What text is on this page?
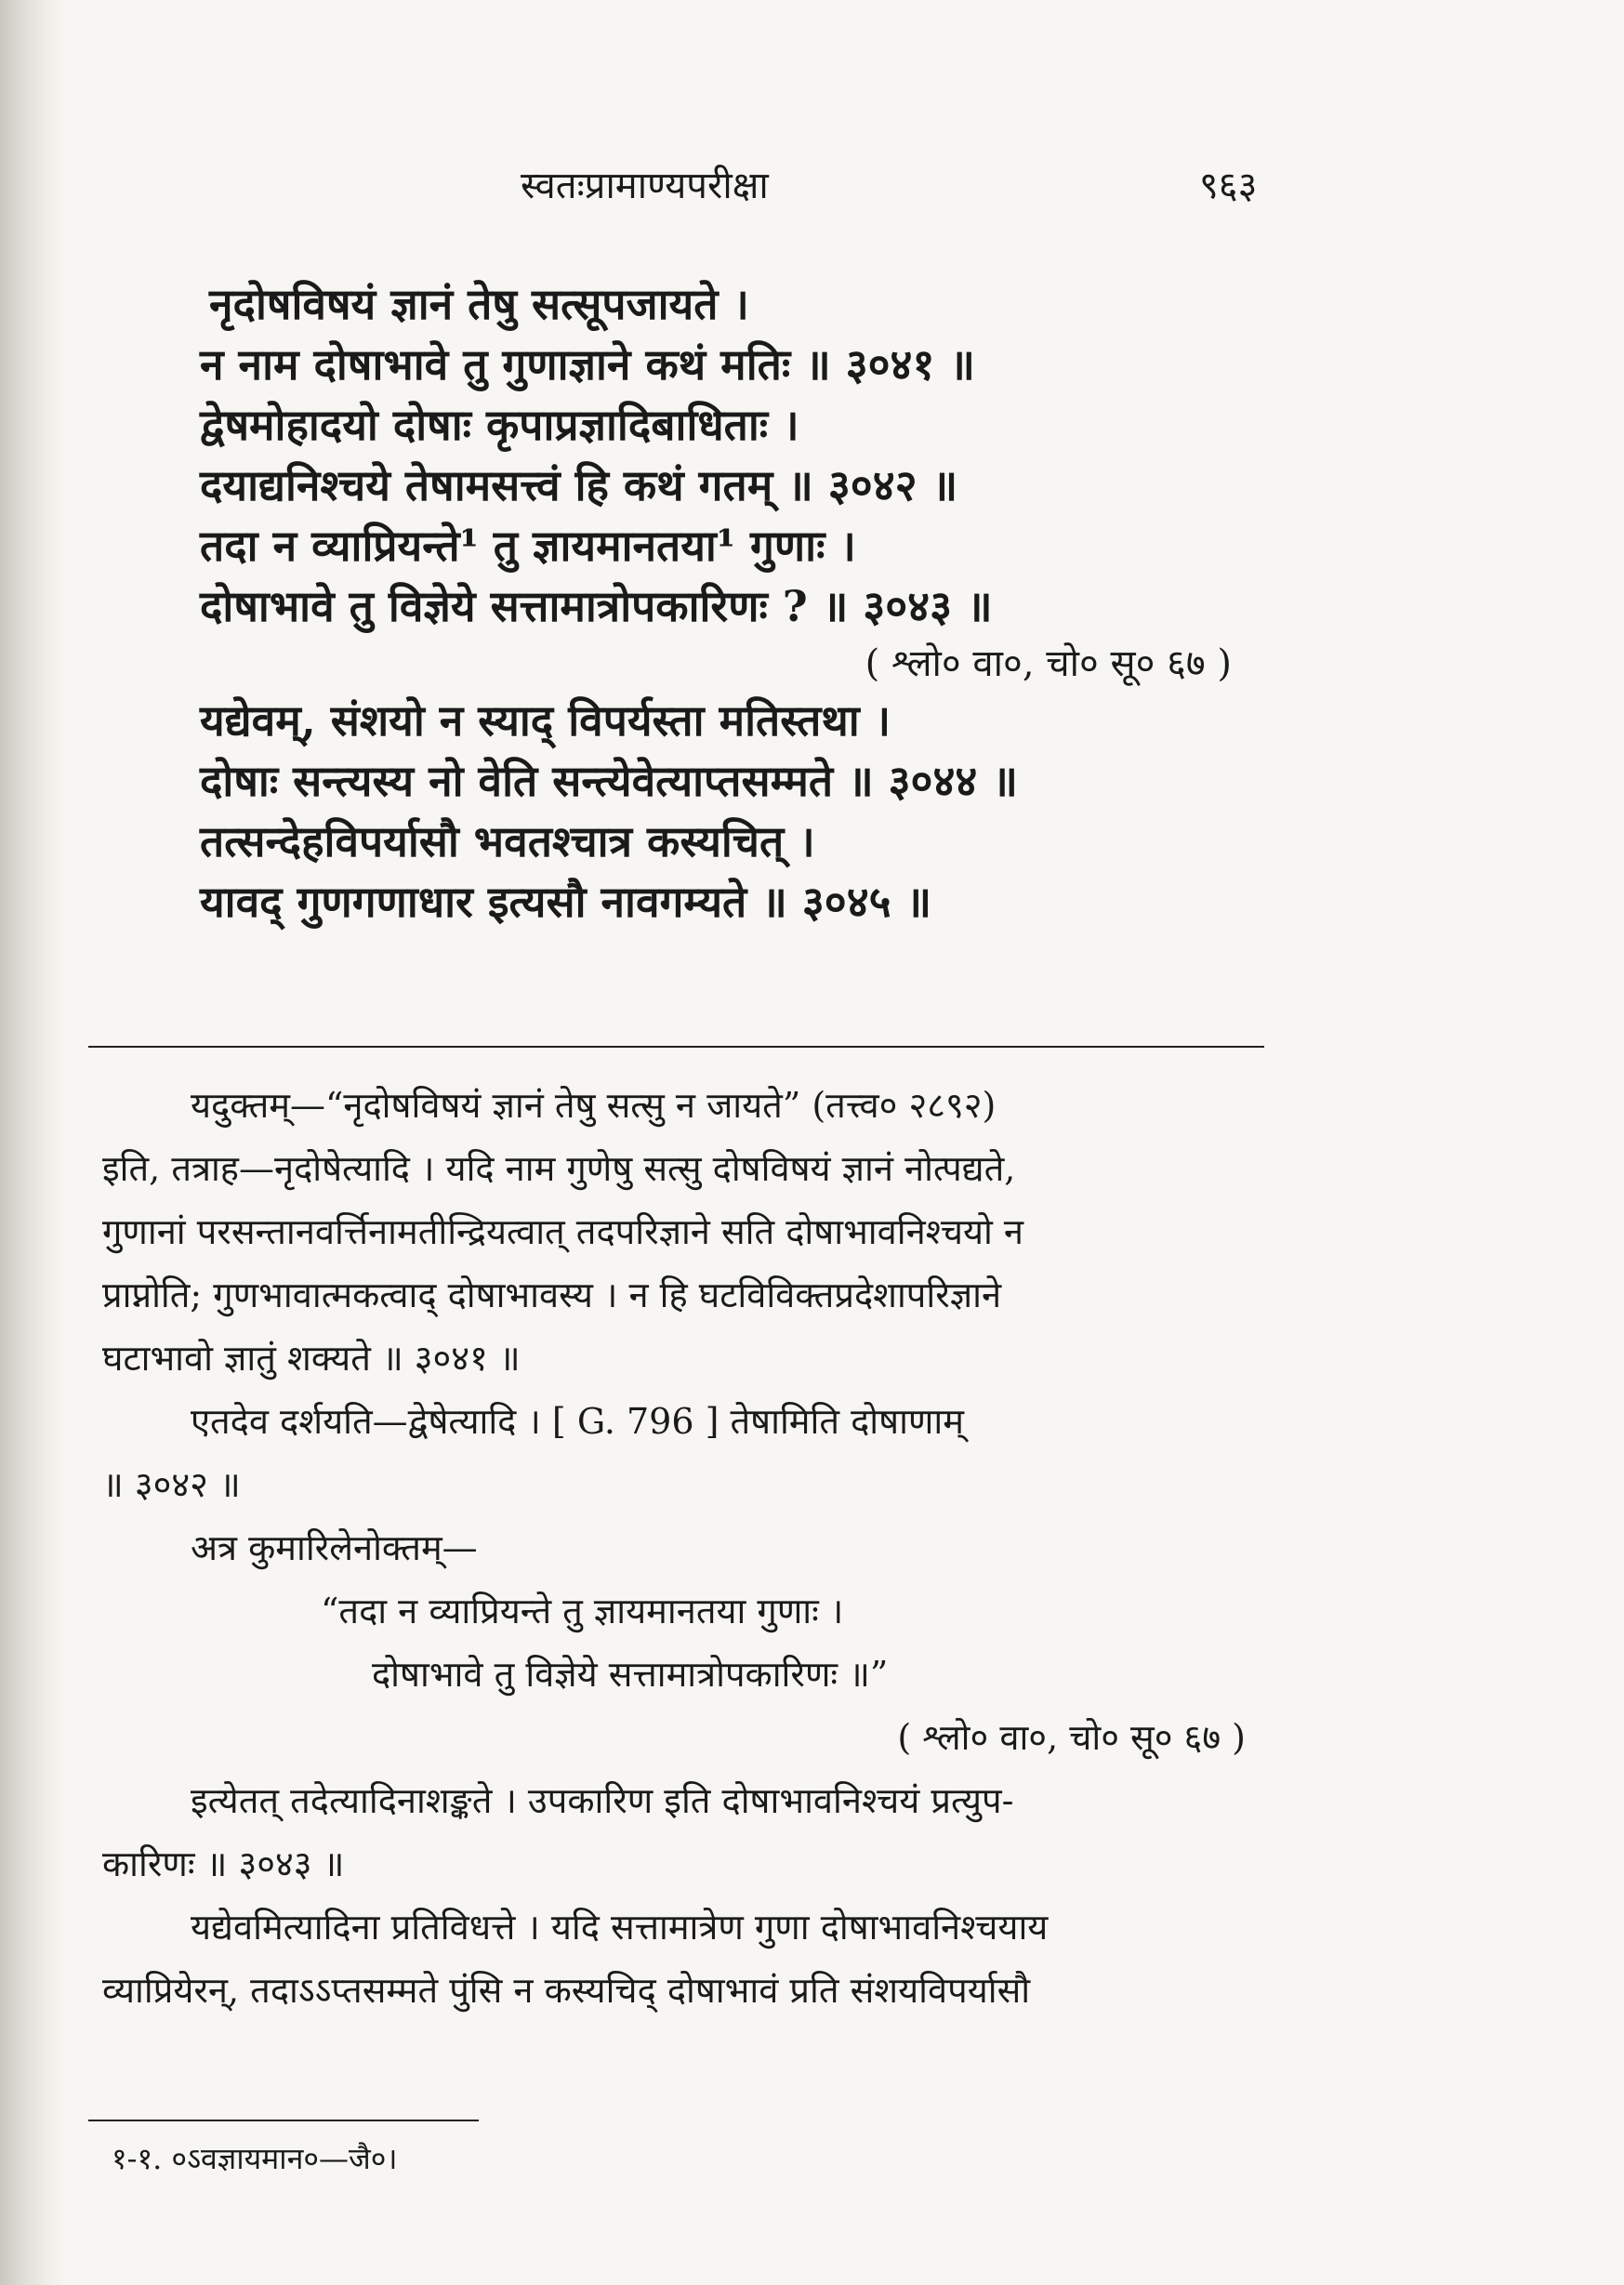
स्वतःप्रामाण्यपरीक्षा	९६३
नृदोषविषयं ज्ञानं तेषु सत्सूपजायते ।
न नाम दोषाभावे तु गुणाज्ञाने कथं मतिः ॥ ३०४१ ॥
द्वेषमोहादयो दोषाः कृपाप्रज्ञादिबाधिताः ।
दयाद्यनिश्चये तेषामसत्त्वं हि कथं गतम् ॥ ३०४२ ॥
तदा न व्याप्रियन्ते¹ तु ज्ञायमानतया¹ गुणाः ।
दोषाभावे तु विज्ञेये सत्तामात्रोपकारिणः ? ॥ ३०४३ ॥
( श्लो० वा०, चो० सू० ६७ )
यद्येवम्, संशयो न स्याद् विपर्यस्ता मतिस्तथा ।
दोषाः सन्त्यस्य नो वेति सन्त्येवेत्याप्तसम्मते ॥ ३०४४ ॥
तत्सन्देहविपर्यासौ भवतश्चात्र कस्यचित् ।
यावद् गुणगणाधार इत्यसौ नावगम्यते ॥ ३०४५ ॥
यदुक्तम्—“नृदोषविषयं ज्ञानं तेषु सत्सु न जायते” (तत्त्व० २८९२)
इति, तत्राह—नृदोषेत्यादि । यदि नाम गुणेषु सत्सु दोषविषयं ज्ञानं नोत्पद्यते,
गुणानां परसन्तानवर्त्तिनामतीन्द्रियत्वात् तदपरिज्ञाने सति दोषाभावनिश्चयो न
प्राप्नोति; गुणभावात्मकत्वाद् दोषाभावस्य । न हि घटविविक्तप्रदेशापरिज्ञाने
घटाभावो ज्ञातुं शक्यते ॥ ३०४१ ॥
एतदेव दर्शयति—द्वेषेत्यादि । [ G. 796 ] तेषामिति दोषाणाम्
॥ ३०४२ ॥
अत्र कुमारिलेनोक्तम्—
“तदा न व्याप्रियन्ते तु ज्ञायमानतया गुणाः ।
दोषाभावे तु विज्ञेये सत्तामात्रोपकारिणः ॥”
( श्लो० वा०, चो० सू० ६७ )
इत्येतत् तदेत्यादिनाशङ्कते । उपकारिण इति दोषाभावनिश्चयं प्रत्युप-
कारिणः ॥ ३०४३ ॥
यद्येवमित्यादिना प्रतिविधत्ते । यदि सत्तामात्रेण गुणा दोषाभावनिश्चयाय
व्याप्रियेरन्, तदाऽऽप्तसम्मते पुंसि न कस्यचिद् दोषाभावं प्रति संशयविपर्यासौ
१-१. ०ऽवज्ञायमान०—जै०।
